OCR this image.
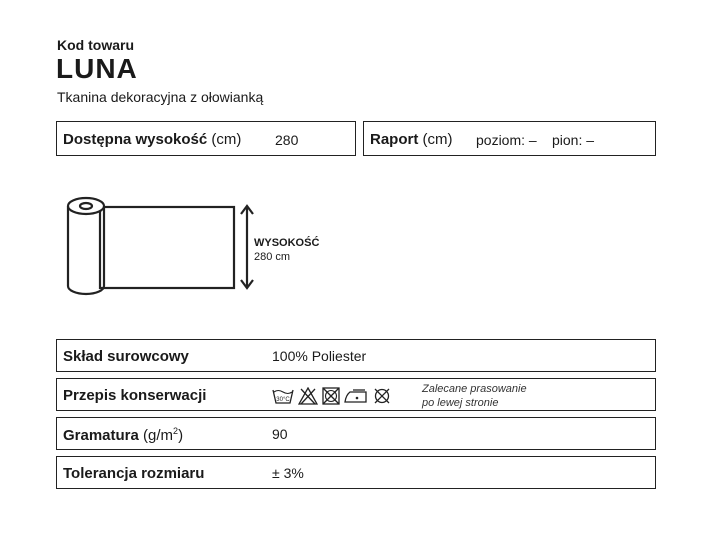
Kod towaru
LUNA
Tkanina dekoracyjna z ołowianką
Dostępna wysokość (cm) 280	Raport (cm) poziom: – pion: –
WYSOKOŚĆ
280 cm
Skład surowcowy	100% Poliester
Przepis konserwacji	30°C
Zalecane prasowanie
po lewej stronie
Gramatura $(g/m^2)$	90
Tolerancja rozmiaru	± 3%
